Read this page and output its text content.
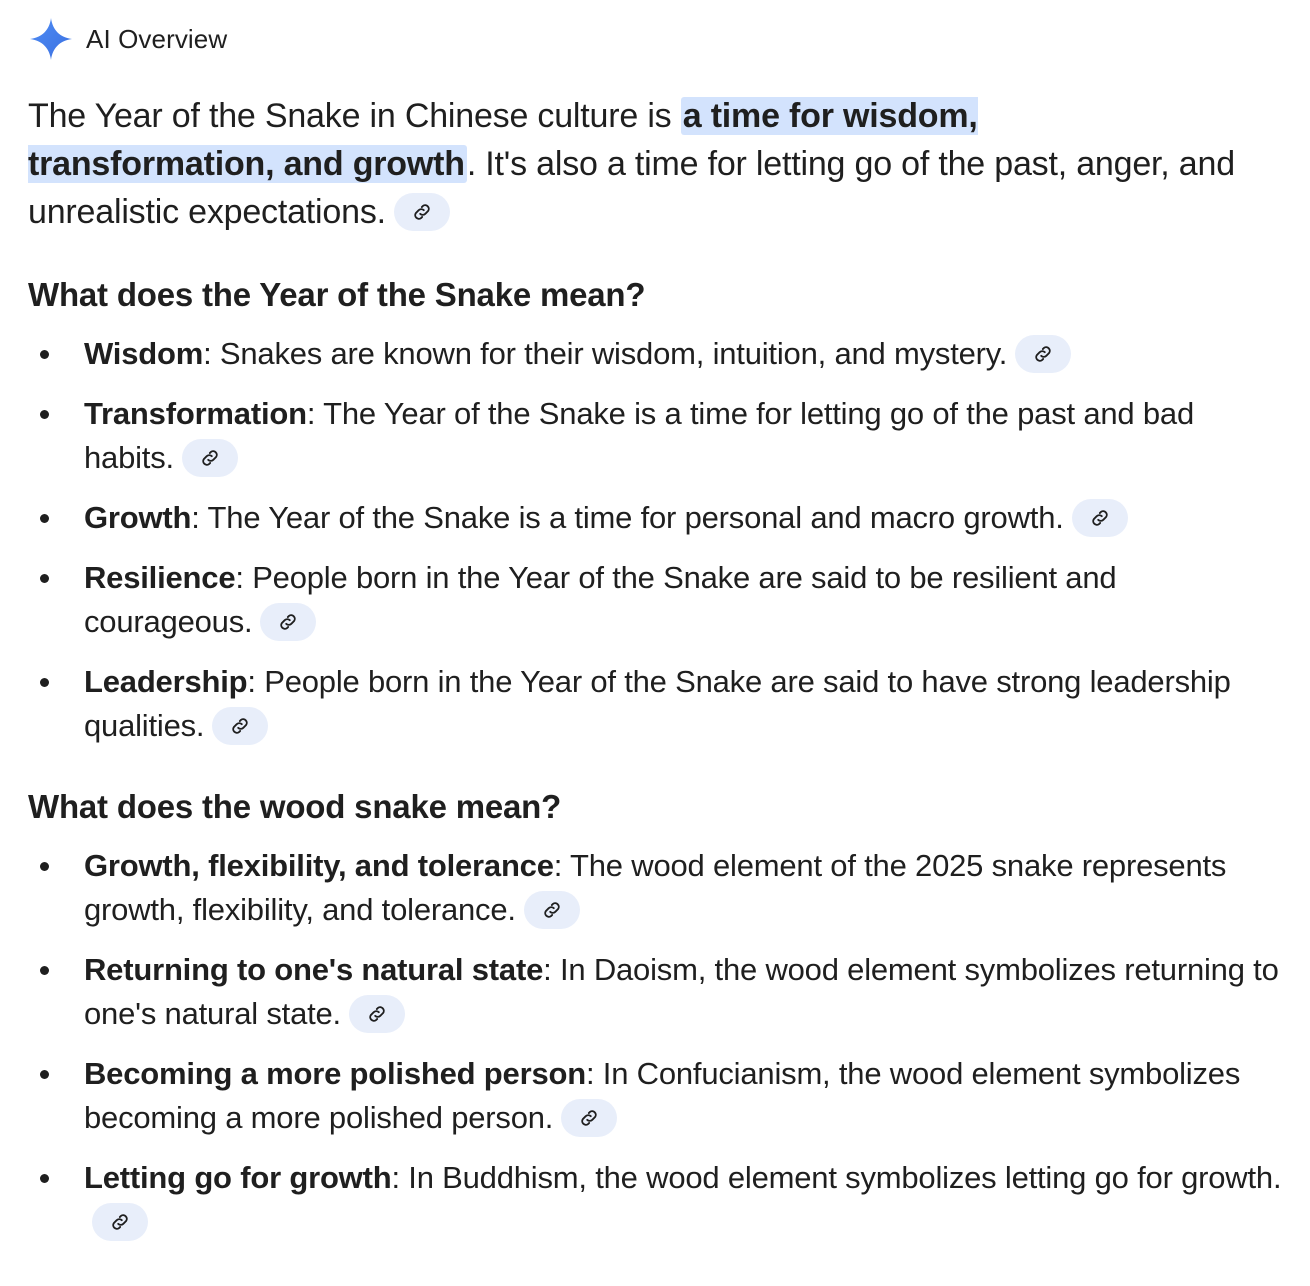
AI Overview

The Year of the Snake in Chinese culture is a time for wisdom,
transformation, and growth. It's also a time for letting go of the past, anger, and unrealistic expectations.

What does the Year of the Snake mean?
Wisdom: Snakes are known for their wisdom, intuition, and mystery.
Transformation: The Year of the Snake is a time for letting go of the past and bad habits.
Growth: The Year of the Snake is a time for personal and macro growth.
Resilience: People born in the Year of the Snake are said to be resilient and courageous.
Leadership: People born in the Year of the Snake are said to have strong leadership qualities.
What does the wood snake mean?
Growth, flexibility, and tolerance: The wood element of the 2025 snake represents growth, flexibility, and tolerance.
Returning to one's natural state: In Daoism, the wood element symbolizes returning to one's natural state.
Becoming a more polished person: In Confucianism, the wood element symbolizes becoming a more polished person.
Letting go for growth: In Buddhism, the wood element symbolizes letting go for growth.
